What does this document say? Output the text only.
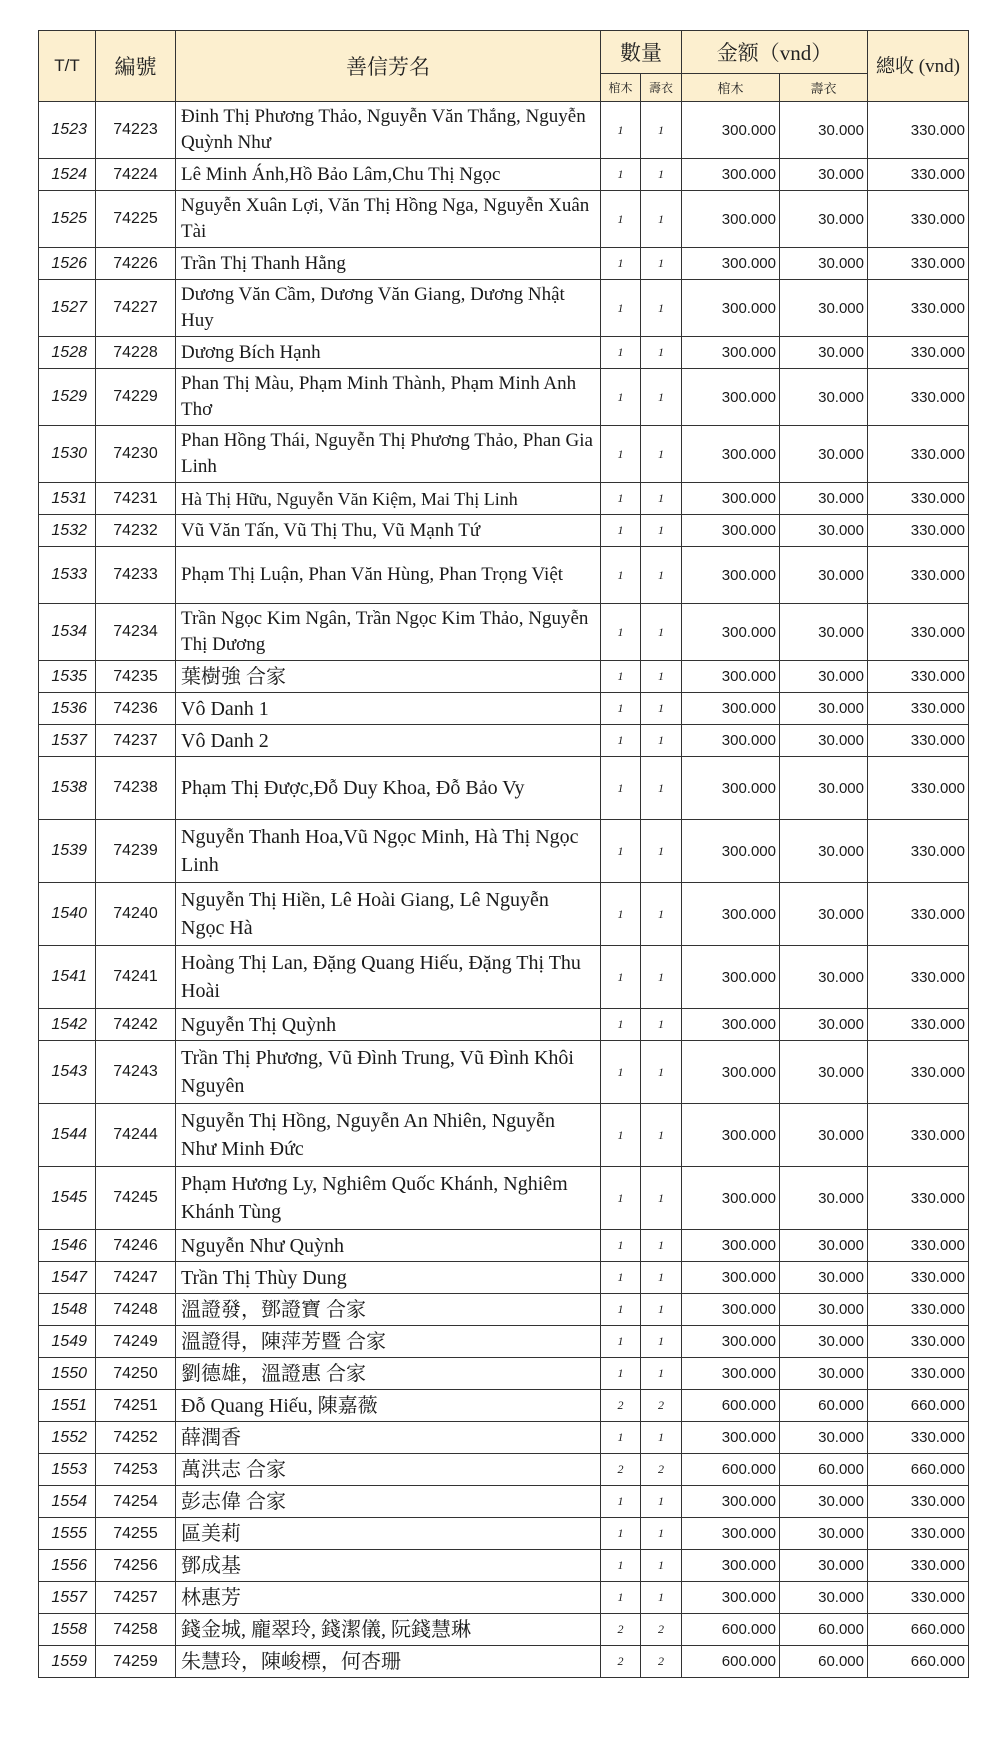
T/T	編號	善信芳名	數量		金额（vnd）		總收 (vnd)
			棺木	壽衣	棺木	壽衣	
1523	74223	Đinh Thị Phương Thảo, Nguyễn Văn Thắng, Nguyễn Quỳnh Như	1	1	300.000	30.000	330.000
1524	74224	Lê Minh Ánh,Hồ Bảo Lâm,Chu Thị Ngọc	1	1	300.000	30.000	330.000
1525	74225	Nguyễn Xuân Lợi, Văn Thị Hồng Nga, Nguyễn Xuân Tài	1	1	300.000	30.000	330.000
1526	74226	Trần Thị Thanh Hằng	1	1	300.000	30.000	330.000
1527	74227	Dương Văn Cầm, Dương Văn Giang, Dương Nhật Huy	1	1	300.000	30.000	330.000
1528	74228	Dương Bích Hạnh	1	1	300.000	30.000	330.000
1529	74229	Phan Thị Màu, Phạm Minh Thành, Phạm Minh Anh Thơ	1	1	300.000	30.000	330.000
1530	74230	Phan Hồng Thái, Nguyễn Thị Phương Thảo, Phan Gia Linh	1	1	300.000	30.000	330.000
1531	74231	Hà Thị Hữu, Nguyễn Văn Kiệm, Mai Thị Linh	1	1	300.000	30.000	330.000
1532	74232	Vũ Văn Tấn, Vũ Thị Thu, Vũ Mạnh Tứ	1	1	300.000	30.000	330.000
1533	74233	Phạm Thị Luận, Phan Văn Hùng, Phan Trọng Việt	1	1	300.000	30.000	330.000
1534	74234	Trần Ngọc Kim Ngân, Trần Ngọc Kim Thảo, Nguyễn Thị Dương	1	1	300.000	30.000	330.000
1535	74235	葉樹強 合家	1	1	300.000	30.000	330.000
1536	74236	Vô Danh 1	1	1	300.000	30.000	330.000
1537	74237	Vô Danh 2	1	1	300.000	30.000	330.000
1538	74238	Phạm Thị Được,Đỗ Duy Khoa, Đỗ Bảo Vy	1	1	300.000	30.000	330.000
1539	74239	Nguyễn Thanh Hoa,Vũ Ngọc Minh, Hà Thị Ngọc Linh	1	1	300.000	30.000	330.000
1540	74240	Nguyễn Thị Hiền, Lê Hoài Giang, Lê Nguyễn Ngọc Hà	1	1	300.000	30.000	330.000
1541	74241	Hoàng Thị Lan, Đặng Quang Hiếu, Đặng Thị Thu Hoài	1	1	300.000	30.000	330.000
1542	74242	Nguyễn Thị Quỳnh	1	1	300.000	30.000	330.000
1543	74243	Trần Thị Phương, Vũ Đình Trung, Vũ Đình Khôi Nguyên	1	1	300.000	30.000	330.000
1544	74244	Nguyễn Thị Hồng, Nguyễn An Nhiên, Nguyễn Như Minh Đức	1	1	300.000	30.000	330.000
1545	74245	Phạm Hương Ly, Nghiêm Quốc Khánh, Nghiêm Khánh Tùng	1	1	300.000	30.000	330.000
1546	74246	Nguyễn Như Quỳnh	1	1	300.000	30.000	330.000
1547	74247	Trần Thị Thùy Dung	1	1	300.000	30.000	330.000
1548	74248	溫證發，鄧證寶 合家	1	1	300.000	30.000	330.000
1549	74249	溫證得，陳萍芳暨 合家	1	1	300.000	30.000	330.000
1550	74250	劉德雄，溫證惠 合家	1	1	300.000	30.000	330.000
1551	74251	Đỗ Quang Hiếu, 陳嘉薇	2	2	600.000	60.000	660.000
1552	74252	薛潤香	1	1	300.000	30.000	330.000
1553	74253	萬洪志 合家	2	2	600.000	60.000	660.000
1554	74254	彭志偉 合家	1	1	300.000	30.000	330.000
1555	74255	區美莉	1	1	300.000	30.000	330.000
1556	74256	鄧成基	1	1	300.000	30.000	330.000
1557	74257	林惠芳	1	1	300.000	30.000	330.000
1558	74258	錢金城, 龐翠玲, 錢潔儀, 阮錢慧琳	2	2	600.000	60.000	660.000
1559	74259	朱慧玲，陳峻標，何杏珊	2	2	600.000	60.000	660.000
